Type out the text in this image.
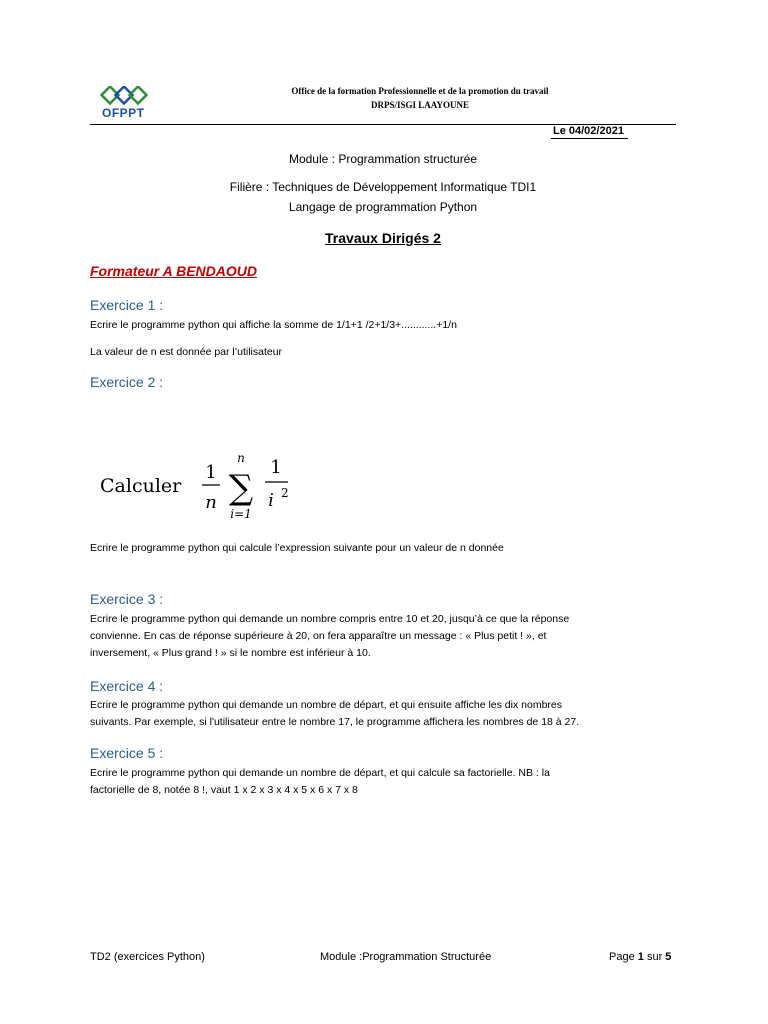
OFPPT
Office de la formation Professionnelle et de la promotion du travail
DRPS/ISGI LAAYOUNE
Le 04/02/2021
Module : Programmation structurée
Filière : Techniques de Développement Informatique TDI1
Langage de programmation Python
Travaux Dirigés 2
Formateur A BENDAOUD
Exercice 1 :
Ecrire le programme python qui affiche la somme de 1/1+1 /2+1/3+............+1/n
La valeur de n est donnée par l’utilisateur
Exercice 2 :
Calculer
1
n
n
∑
i=1
1
i 2
Ecrire le programme python qui calcule l’expression suivante pour un valeur de n donnée
Exercice 3 :
Ecrire le programme python qui demande un nombre compris entre 10 et 20, jusqu’à ce que la réponse
convienne. En cas de réponse supérieure à 20, on fera apparaître un message : « Plus petit ! », et
inversement, « Plus grand ! » si le nombre est inférieur à 10.
Exercice 4 :
Ecrire le programme python qui demande un nombre de départ, et qui ensuite affiche les dix nombres
suivants. Par exemple, si l'utilisateur entre le nombre 17, le programme affichera les nombres de 18 à 27.
Exercice 5 :
Ecrire le programme python qui demande un nombre de départ, et qui calcule sa factorielle. NB : la
factorielle de 8, notée 8 !, vaut 1 x 2 x 3 x 4 x 5 x 6 x 7 x 8
TD2 (exercices Python)	Module :Programmation Structurée	Page 1 sur 5
